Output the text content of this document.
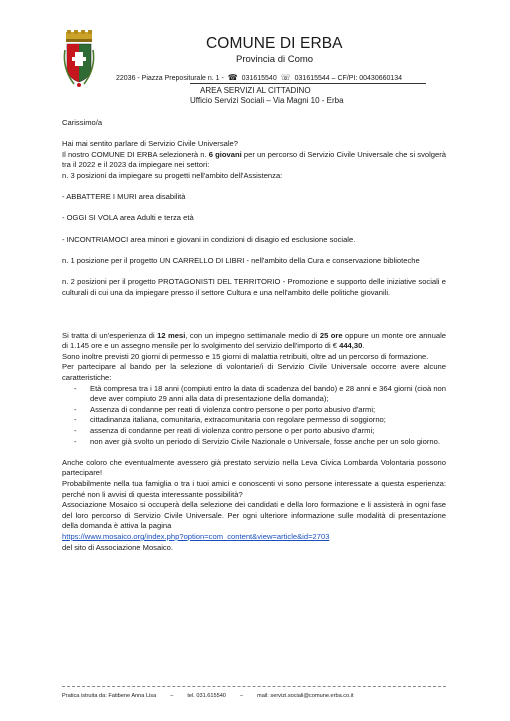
COMUNE DI ERBA
Provincia di Como
22036 - Piazza Prepositurale n. 1 - ☎ 031615540 ☏ 031615544 – CF/PI: 00430660134
AREA SERVIZI AL CITTADINO
Ufficio Servizi Sociali – Via Magni 10 - Erba

Carissimo/a

Hai mai sentito parlare di Servizio Civile Universale?

Il nostro COMUNE DI ERBA selezionerà n. 6 giovani per un percorso di Servizio Civile Universale che si svolgerà tra il 2022 e il 2023 da impiegare nei settori:

n. 3 posizioni da impiegare su progetti nell'ambito dell'Assistenza:

- ABBATTERE I MURI area disabilità

- OGGI SI VOLA area Adulti e terza età

- INCONTRIAMOCI area minori e giovani in condizioni di disagio ed esclusione sociale.

n. 1 posizione per il progetto UN CARRELLO DI LIBRI - nell'ambito della Cura e conservazione biblioteche

n. 2 posizioni per il progetto PROTAGONISTI DEL TERRITORIO - Promozione e supporto delle iniziative sociali e culturali di cui una da impiegare presso il settore Cultura e una nell'ambito delle politiche giovanili.

Si tratta di un'esperienza di 12 mesi, con un impegno settimanale medio di 25 ore oppure un monte ore annuale di 1.145 ore e un assegno mensile per lo svolgimento del servizio dell'importo di € 444,30.

Sono inoltre previsti 20 giorni di permesso e 15 giorni di malattia retribuiti, oltre ad un percorso di formazione.

Per partecipare al bando per la selezione di volontarie/i di Servizio Civile Universale occorre avere alcune caratteristiche:

- Età compresa tra i 18 anni (compiuti entro la data di scadenza del bando) e 28 anni e 364 giorni (cioà non deve aver compiuto 29 anni alla data di presentazione della domanda);
- Assenza di condanne per reati di violenza contro persone o per porto abusivo d'armi;
- cittadinanza italiana, comunitaria, extracomunitaria con regolare permesso di soggiorno;
- assenza di condanne per reati di violenza contro persone o per porto abusivo d'armi;
- non aver già svolto un periodo di Servizio Civile Nazionale o Universale, fosse anche per un solo giorno.

Anche coloro che eventualmente avessero già prestato servizio nella Leva Civica Lombarda Volontaria possono partecipare!

Probabilmente nella tua famiglia o tra i tuoi amici e conoscenti vi sono persone interessate a questa esperienza: perché non li avvisi di questa interessante possibilità?

Associazione Mosaico si occuperà della selezione dei candidati e della loro formazione e li assisterà in ogni fase del loro percorso di Servizio Civile Universale. Per ogni ulteriore informazione sulle modalità di presentazione della domanda è attiva la pagina

https://www.mosaico.org/index.php?option=com_content&view=article&id=2703

del sito di Associazione Mosaico.

Pratica istruita da: Fatibene Anna Lisa	–	tel. 031.615540	–	mail: servizi.sociali@comune.erba.co.it
